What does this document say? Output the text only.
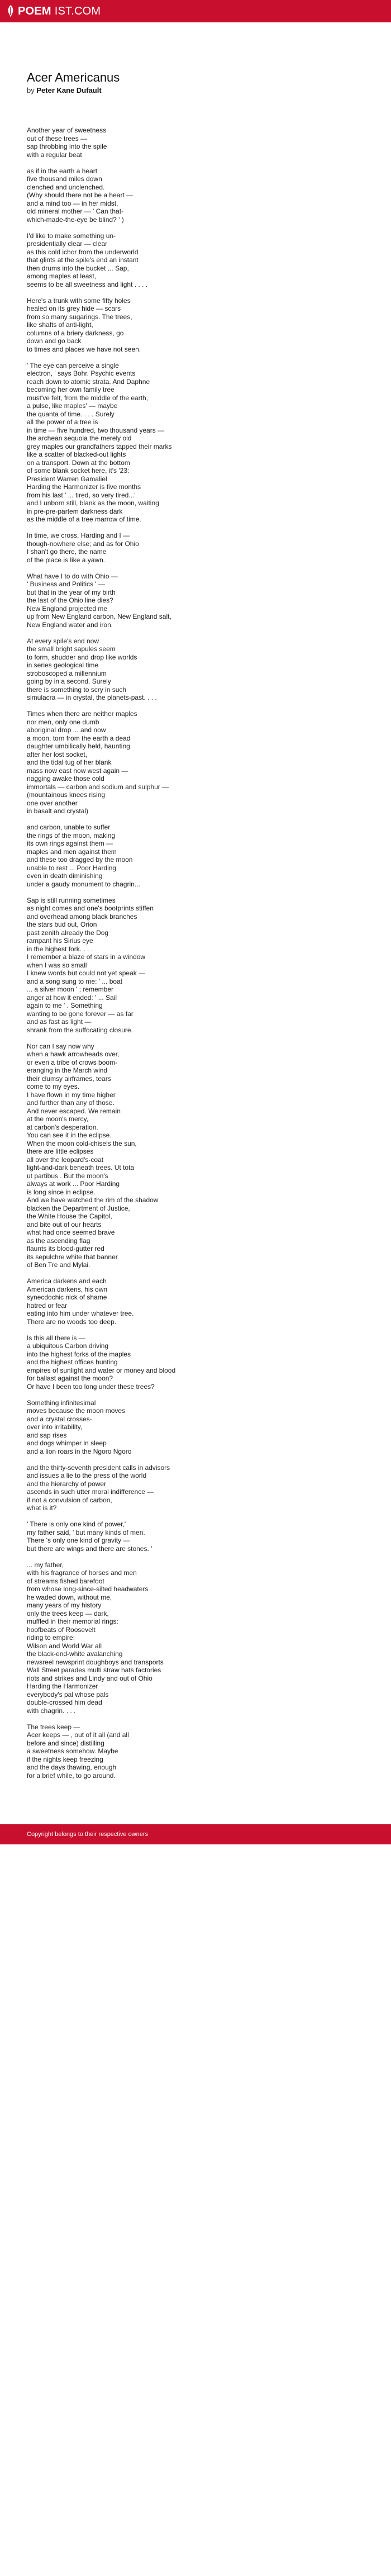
POEM IST.COM
Acer Americanus
by Peter Kane Dufault
Another year of sweetness
out of these trees —
sap throbbing into the spile
with a regular beat
as if in the earth a heart
five thousand miles down
clenched and unclenched.
(Why should there not be a heart —
and a mind too — in her midst,
old mineral mother — ' Can that-
which-made-the-eye be blind? ' )
I'd like to make something un-
presidentially clear — clear
as this cold ichor from the underworld
that glints at the spile's end an instant
then drums into the bucket ... Sap,
among maples at least,
seems to be all sweetness and light . . . .
Here's a trunk with some fifty holes
healed on its grey hide — scars
from so many sugarings. The trees,
like shafts of anti-light,
columns of a briery darkness, go
down and go back
to times and places we have not seen.
' The eye can perceive a single
electron, ' says Bohr. Psychic events
reach down to atomic strata. And Daphne
becoming her own family tree
must've felt, from the middle of the earth,
a pulse, like maples' — maybe
the quanta of time. . . . Surely
all the power of a tree is
in time — five hundred, two thousand years —
the archean sequoia the merely old
grey maples our grandfathers tapped their marks
like a scatter of blacked-out lights
on a transport. Down at the bottom
of some blank socket here, it's '23:
President Warren Gamaliel
Harding the Harmonizer is five months
from his last ' ... tired, so very tired...'
and I unborn still, blank as the moon, waiting
in pre-pre-partem darkness dark
as the middle of a tree marrow of time.
In time, we cross, Harding and I —
though-nowhere else; and as for Ohio
I shan't go there, the name
of the place is like a yawn.
What have I to do with Ohio —
' Business and Politics ' —
but that in the year of my birth
the last of the Ohio line dies?
New England projected me
up from New England carbon, New England salt,
New England water and iron.
At every spile's end now
the small bright sapules seem
to form, shudder and drop like worlds
in series geological time
stroboscoped a millennium
going by in a second. Surely
there is something to scry in such
simulacra — in crystal, the planets-past. . . .
Times when there are neither maples
nor men, only one dumb
aboriginal drop ... and now
a moon, torn from the earth a dead
daughter umbilically held, haunting
after her lost socket,
and the tidal tug of her blank
mass now east now west again —
nagging awake those cold
immortals — carbon and sodium and sulphur —
(mountainous knees rising
one over another
in basalt and crystal)
and carbon, unable to suffer
the rings of the moon, making
its own rings against them —
maples and men against them
and these too dragged by the moon
unable to rest ... Poor Harding
even in death diminishing
under a gaudy monument to chagrin...
Sap is still running sometimes
as night comes and one's bootprints stiffen
and overhead among black branches
the stars bud out, Orion
past zenith already the Dog
rampant his Sirius eye
in the highest fork. . . .
I remember a blaze of stars in a window
when I was so small
I knew words but could not yet speak —
and a song sung to me: ' ... boat
... a silver moon ' ; remember
anger at how it ended: ' ... Sail
again to me ' . Something
wanting to be gone forever — as far
and as fast as light —
shrank from the suffocating closure.
Nor can I say now why
when a hawk arrowheads over,
or even a tribe of crows boom-
eranging in the March wind
their clumsy airframes, tears
come to my eyes.
I have flown in my time higher
and further than any of those.
And never escaped. We remain
at the moon's mercy,
at carbon's desperation.
You can see it in the eclipse.
When the moon cold-chisels the sun,
there are little eclipses
all over the leopard's-coat
light-and-dark beneath trees. Ut tota
ut partibus . But the moon's
always at work ... Poor Harding
is long since in eclipse.
And we have watched the rim of the shadow
blacken the Department of Justice,
the White House the Capitol,
and bite out of our hearts
what had once seemed brave
as the ascending flag
flaunts its blood-gutter red
its sepulchre white that banner
of Ben Tre and Mylai.
America darkens and each
American darkens, his own
synecdochic nick of shame
hatred or fear
eating into him under whatever tree.
There are no woods too deep.
Is this all there is —
a ubiquitous Carbon driving
into the highest forks of the maples
and the highest offices hunting
empires of sunlight and water or money and blood
for ballast against the moon?
Or have I been too long under these trees?
Something infinitesimal
moves because the moon moves
and a crystal crosses-
over into irritability,
and sap rises
and dogs whimper in sleep
and a lion roars in the Ngoro Ngoro
and the thirty-seventh president calls in advisors
and issues a lie to the press of the world
and the hierarchy of power
ascends in such utter moral indifference —
if not a convulsion of carbon,
what is it?
' There is only one kind of power,'
my father said, ' but many kinds of men.
There 's only one kind of gravity —
but there are wings and there are stones. '
... my father,
with his fragrance of horses and men
of streams fished barefoot
from whose long-since-silted headwaters
he waded down, without me,
many years of my history
only the trees keep — dark,
muffled in their memorial rings:
hoofbeats of Roosevelt
riding to empire;
Wilson and World War all
the black-end-white avalanching
newsreel newsprint doughboys and transports
Wall Street parades multi straw hats factories
riots and strikes and Lindy and out of Ohio
Harding the Harmonizer
everybody's pal whose pals
double-crossed him dead
with chagrin. . . .
The trees keep —
Acer keeps — , out of it all (and all
before and since) distilling
a sweetness somehow. Maybe
if the nights keep freezing
and the days thawing, enough
for a brief while, to go around.
Copyright belongs to their respective owners
